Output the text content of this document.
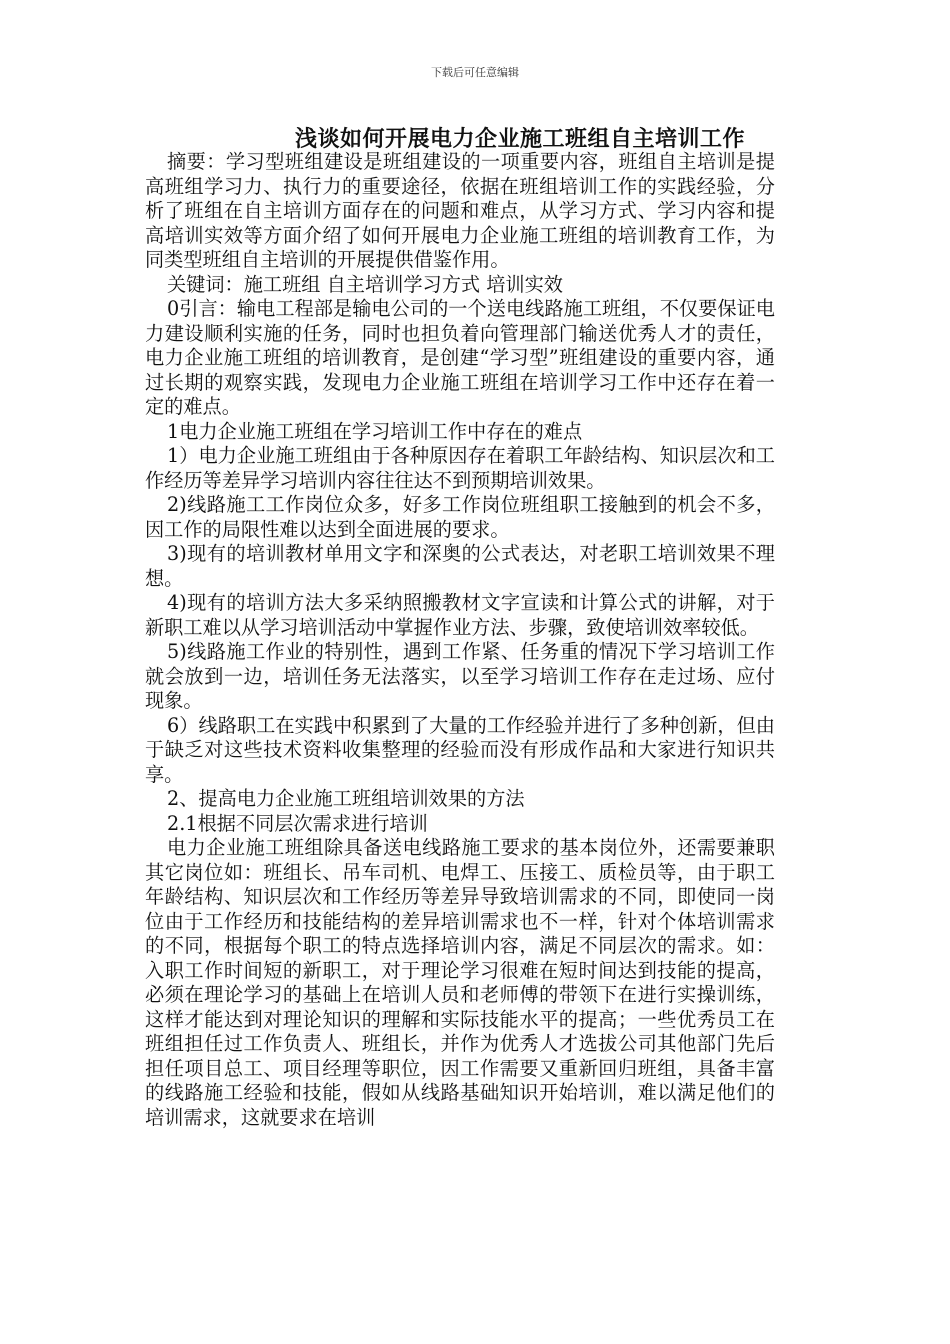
下载后可任意编辑
浅谈如何开展电力企业施工班组自主培训工作

摘要：学习型班组建设是班组建设的一项重要内容，班组自主培训是提高班组学习力、执行力的重要途径，依据在班组培训工作的实践经验，分析了班组在自主培训方面存在的问题和难点，从学习方式、学习内容和提高培训实效等方面介绍了如何开展电力企业施工班组的培训教育工作，为同类型班组自主培训的开展提供借鉴作用。

关键词：施工班组 自主培训学习方式 培训实效

0引言：输电工程部是输电公司的一个送电线路施工班组，不仅要保证电力建设顺利实施的任务，同时也担负着向管理部门输送优秀人才的责任，电力企业施工班组的培训教育，是创建“学习型”班组建设的重要内容，通过长期的观察实践，发现电力企业施工班组在培训学习工作中还存在着一定的难点。

1电力企业施工班组在学习培训工作中存在的难点

1）电力企业施工班组由于各种原因存在着职工年龄结构、知识层次和工作经历等差异学习培训内容往往达不到预期培训效果。

2)线路施工工作岗位众多，好多工作岗位班组职工接触到的机会不多，因工作的局限性难以达到全面进展的要求。

3)现有的培训教材单用文字和深奥的公式表达，对老职工培训效果不理想。

4)现有的培训方法大多采纳照搬教材文字宣读和计算公式的讲解，对于新职工难以从学习培训活动中掌握作业方法、步骤，致使培训效率较低。

5)线路施工作业的特别性，遇到工作紧、任务重的情况下学习培训工作就会放到一边，培训任务无法落实，以至学习培训工作存在走过场、应付现象。

6）线路职工在实践中积累到了大量的工作经验并进行了多种创新，但由于缺乏对这些技术资料收集整理的经验而没有形成作品和大家进行知识共享。

2、提高电力企业施工班组培训效果的方法

2.1根据不同层次需求进行培训

电力企业施工班组除具备送电线路施工要求的基本岗位外，还需要兼职其它岗位如：班组长、吊车司机、电焊工、压接工、质检员等，由于职工年龄结构、知识层次和工作经历等差异导致培训需求的不同，即使同一岗位由于工作经历和技能结构的差异培训需求也不一样，针对个体培训需求的不同，根据每个职工的特点选择培训内容，满足不同层次的需求。如：入职工作时间短的新职工，对于理论学习很难在短时间达到技能的提高，必须在理论学习的基础上在培训人员和老师傅的带领下在进行实操训练，这样才能达到对理论知识的理解和实际技能水平的提高；一些优秀员工在班组担任过工作负责人、班组长，并作为优秀人才选拔公司其他部门先后担任项目总工、项目经理等职位，因工作需要又重新回归班组，具备丰富的线路施工经验和技能，假如从线路基础知识开始培训，难以满足他们的培训需求，这就要求在培训
